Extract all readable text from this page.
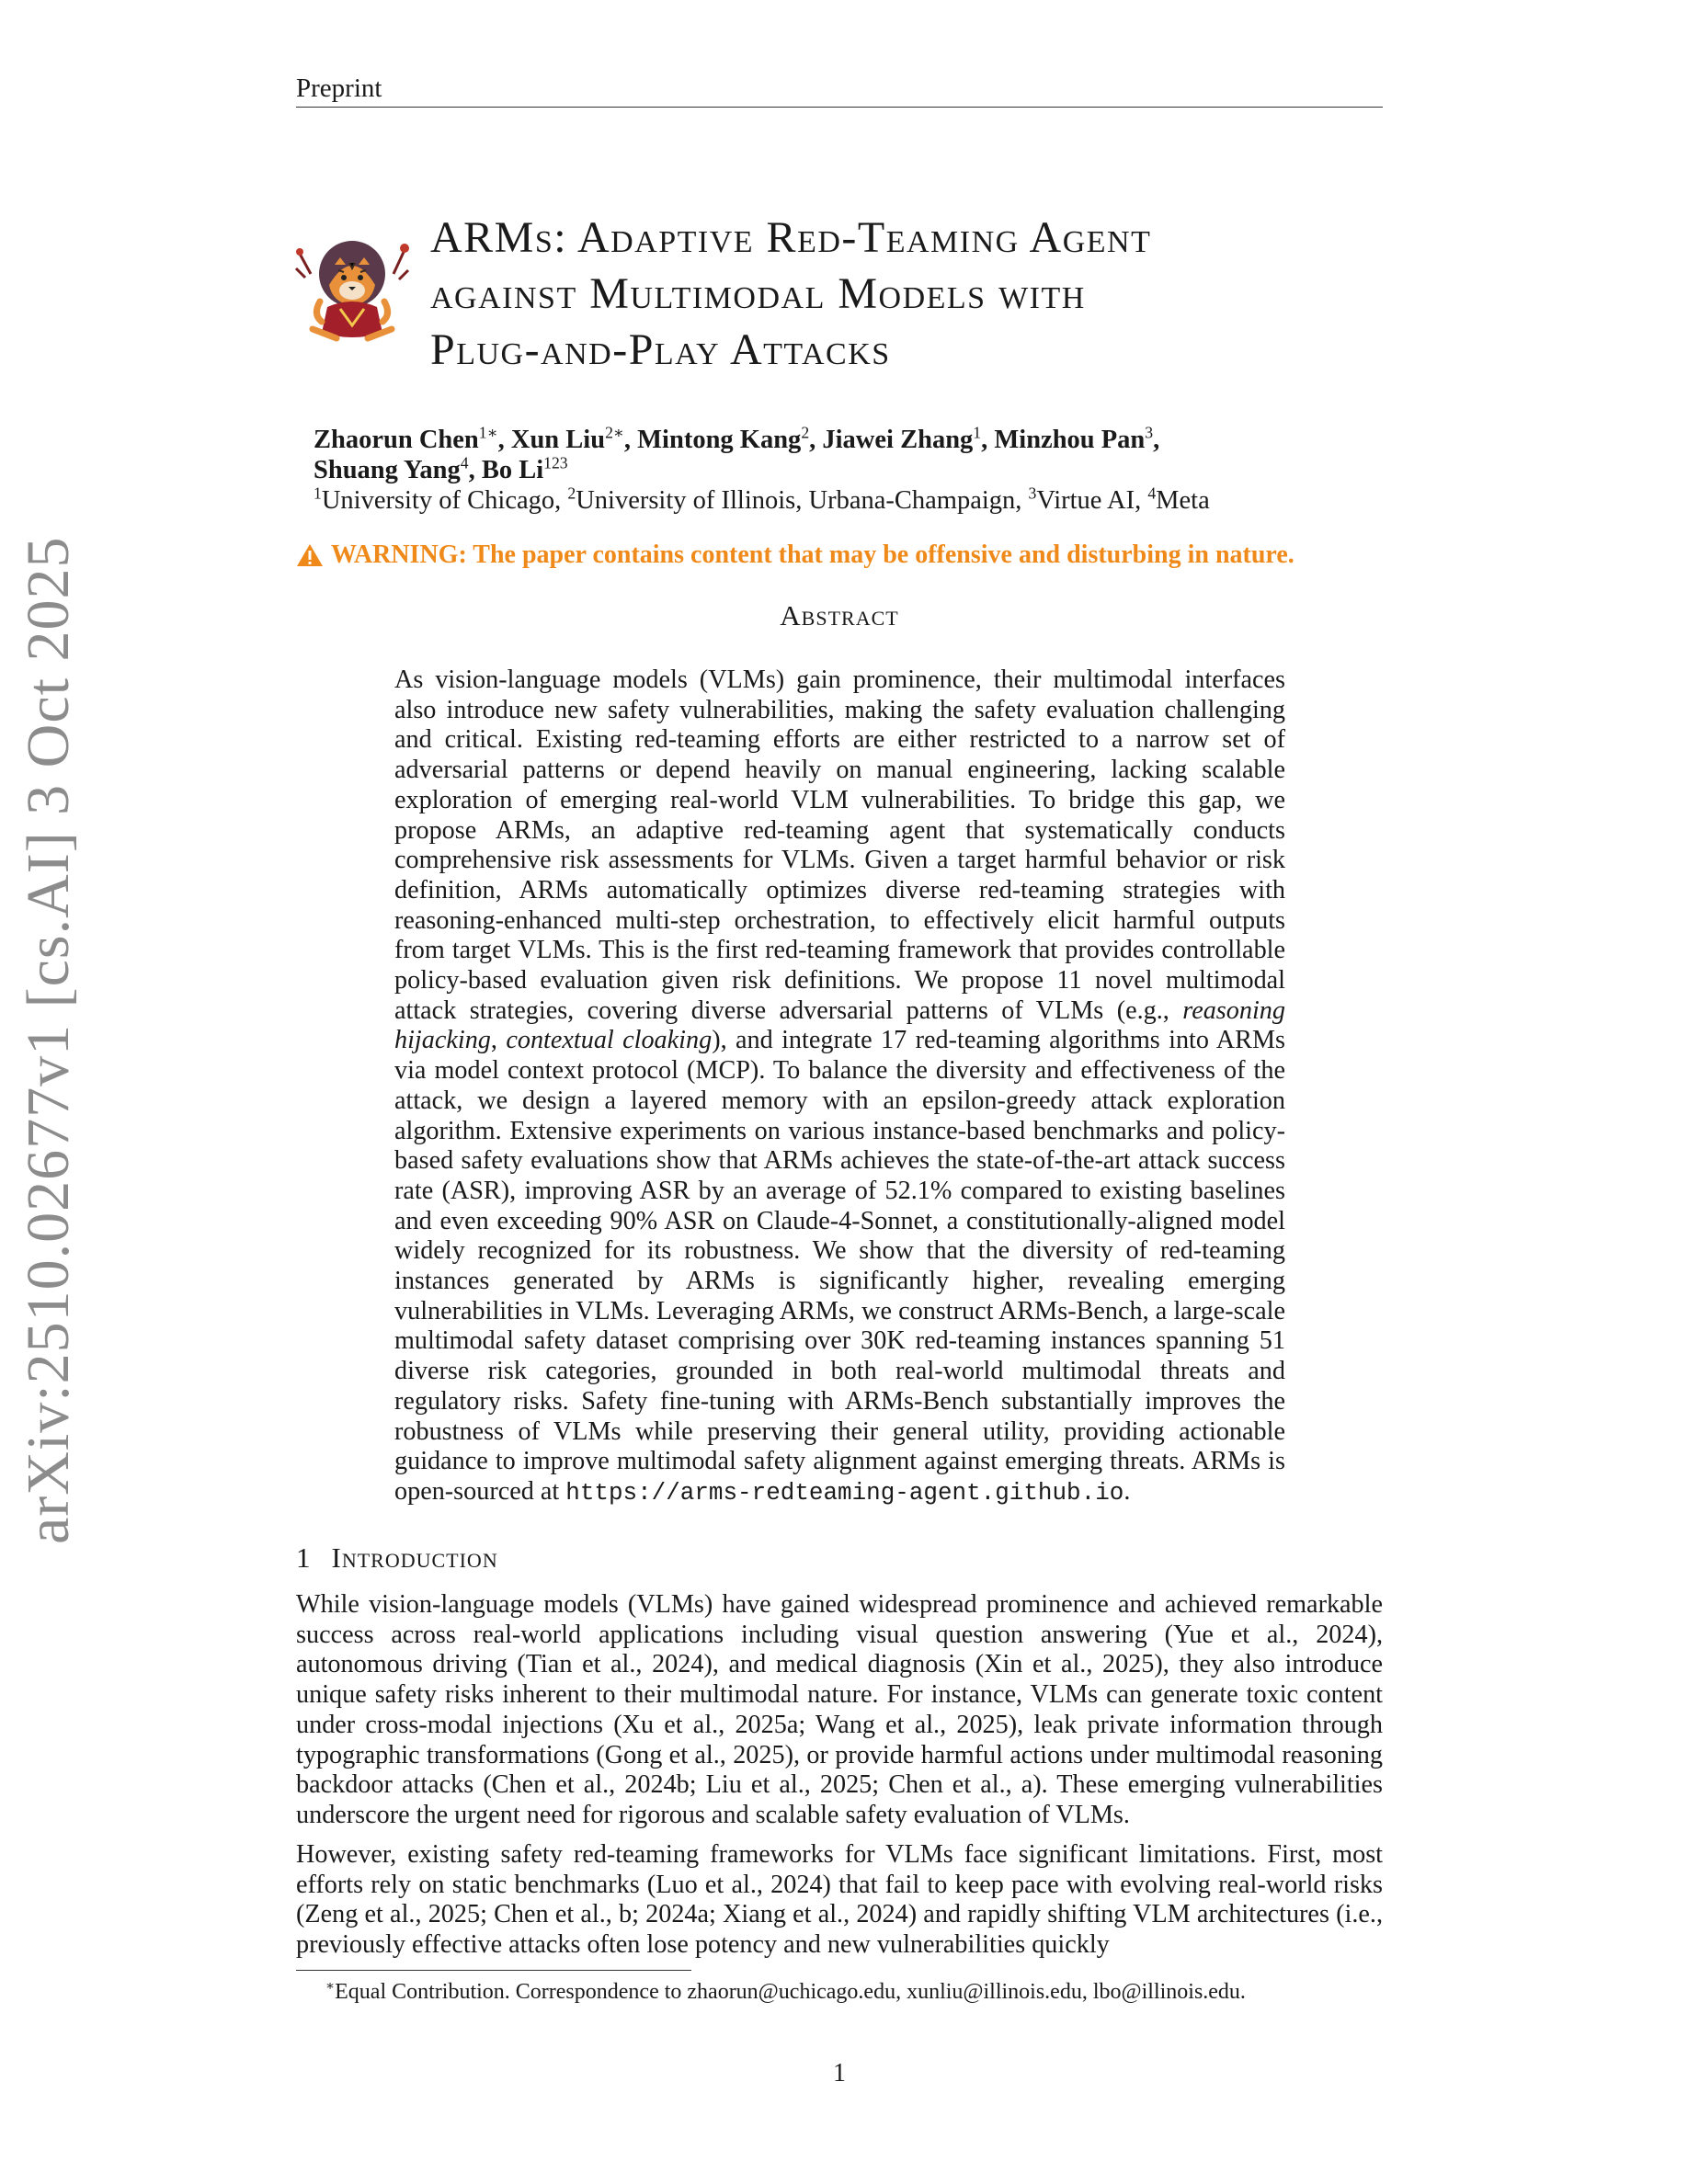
Preprint
arXiv:2510.02677v1 [cs.AI] 3 Oct 2025
ARMs: Adaptive Red-Teaming Agent
against Multimodal Models with
Plug-and-Play Attacks
Zhaorun Chen$^{1∗}$, Xun Liu$^{2∗}$, Mintong Kang$^2$, Jiawei Zhang$^1$, Minzhou Pan$^3$,
Shuang Yang$^4$, Bo Li$^{123}$
$^1$University of Chicago, $^2$University of Illinois, Urbana-Champaign, $^3$Virtue AI, $^4$Meta
WARNING: The paper contains content that may be offensive and disturbing in nature.
Abstract
As vision-language models (VLMs) gain prominence, their multimodal interfaces also introduce new safety vulnerabilities, making the safety evaluation challenging and critical. Existing red-teaming efforts are either restricted to a narrow set of adversarial patterns or depend heavily on manual engineering, lacking scalable exploration of emerging real-world VLM vulnerabilities. To bridge this gap, we propose ARMs, an adaptive red-teaming agent that systematically conducts comprehensive risk assessments for VLMs. Given a target harmful behavior or risk definition, ARMs automatically optimizes diverse red-teaming strategies with reasoning-enhanced multi-step orchestration, to effectively elicit harmful outputs from target VLMs. This is the first red-teaming framework that provides controllable policy-based evaluation given risk definitions. We propose 11 novel multimodal attack strategies, covering diverse adversarial patterns of VLMs (e.g., reasoning hijacking, contextual cloaking), and integrate 17 red-teaming algorithms into ARMs via model context protocol (MCP). To balance the diversity and effectiveness of the attack, we design a layered memory with an epsilon-greedy attack exploration algorithm. Extensive experiments on various instance-based benchmarks and policy-based safety evaluations show that ARMs achieves the state-of-the-art attack success rate (ASR), improving ASR by an average of 52.1% compared to existing baselines and even exceeding 90% ASR on Claude-4-Sonnet, a constitutionally-aligned model widely recognized for its robustness. We show that the diversity of red-teaming instances generated by ARMs is significantly higher, revealing emerging vulnerabilities in VLMs. Leveraging ARMs, we construct ARMs-Bench, a large-scale multimodal safety dataset comprising over 30K red-teaming instances spanning 51 diverse risk categories, grounded in both real-world multimodal threats and regulatory risks. Safety fine-tuning with ARMs-Bench substantially improves the robustness of VLMs while preserving their general utility, providing actionable guidance to improve multimodal safety alignment against emerging threats. ARMs is open-sourced at https://arms-redteaming-agent.github.io.
1 Introduction
While vision-language models (VLMs) have gained widespread prominence and achieved remarkable success across real-world applications including visual question answering (Yue et al., 2024), autonomous driving (Tian et al., 2024), and medical diagnosis (Xin et al., 2025), they also introduce unique safety risks inherent to their multimodal nature. For instance, VLMs can generate toxic content under cross-modal injections (Xu et al., 2025a; Wang et al., 2025), leak private information through typographic transformations (Gong et al., 2025), or provide harmful actions under multimodal reasoning backdoor attacks (Chen et al., 2024b; Liu et al., 2025; Chen et al., a). These emerging vulnerabilities underscore the urgent need for rigorous and scalable safety evaluation of VLMs.
However, existing safety red-teaming frameworks for VLMs face significant limitations. First, most efforts rely on static benchmarks (Luo et al., 2024) that fail to keep pace with evolving real-world risks (Zeng et al., 2025; Chen et al., b; 2024a; Xiang et al., 2024) and rapidly shifting VLM architectures (i.e., previously effective attacks often lose potency and new vulnerabilities quickly
∗Equal Contribution. Correspondence to zhaorun@uchicago.edu, xunliu@illinois.edu, lbo@illinois.edu.
1
